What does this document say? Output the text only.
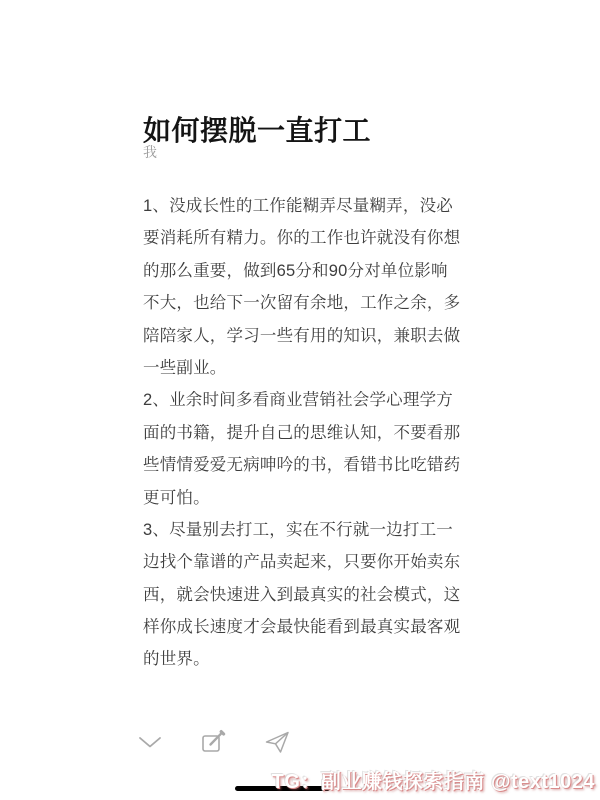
如何摆脱一直打工
我
1、没成长性的工作能糊弄尽量糊弄，没必
要消耗所有精力。你的工作也许就没有你想
的那么重要，做到65分和90分对单位影响
不大，也给下一次留有余地，工作之余，多
陪陪家人，学习一些有用的知识，兼职去做
一些副业。
2、业余时间多看商业营销社会学心理学方
面的书籍，提升自己的思维认知，不要看那
些情情爱爱无病呻吟的书，看错书比吃错药
更可怕。
3、尽量别去打工，实在不行就一边打工一
边找个靠谱的产品卖起来，只要你开始卖东
西，就会快速进入到最真实的社会模式，这
样你成长速度才会最快能看到最真实最客观
的世界。
TG：副业赚钱探索指南 @text1024
